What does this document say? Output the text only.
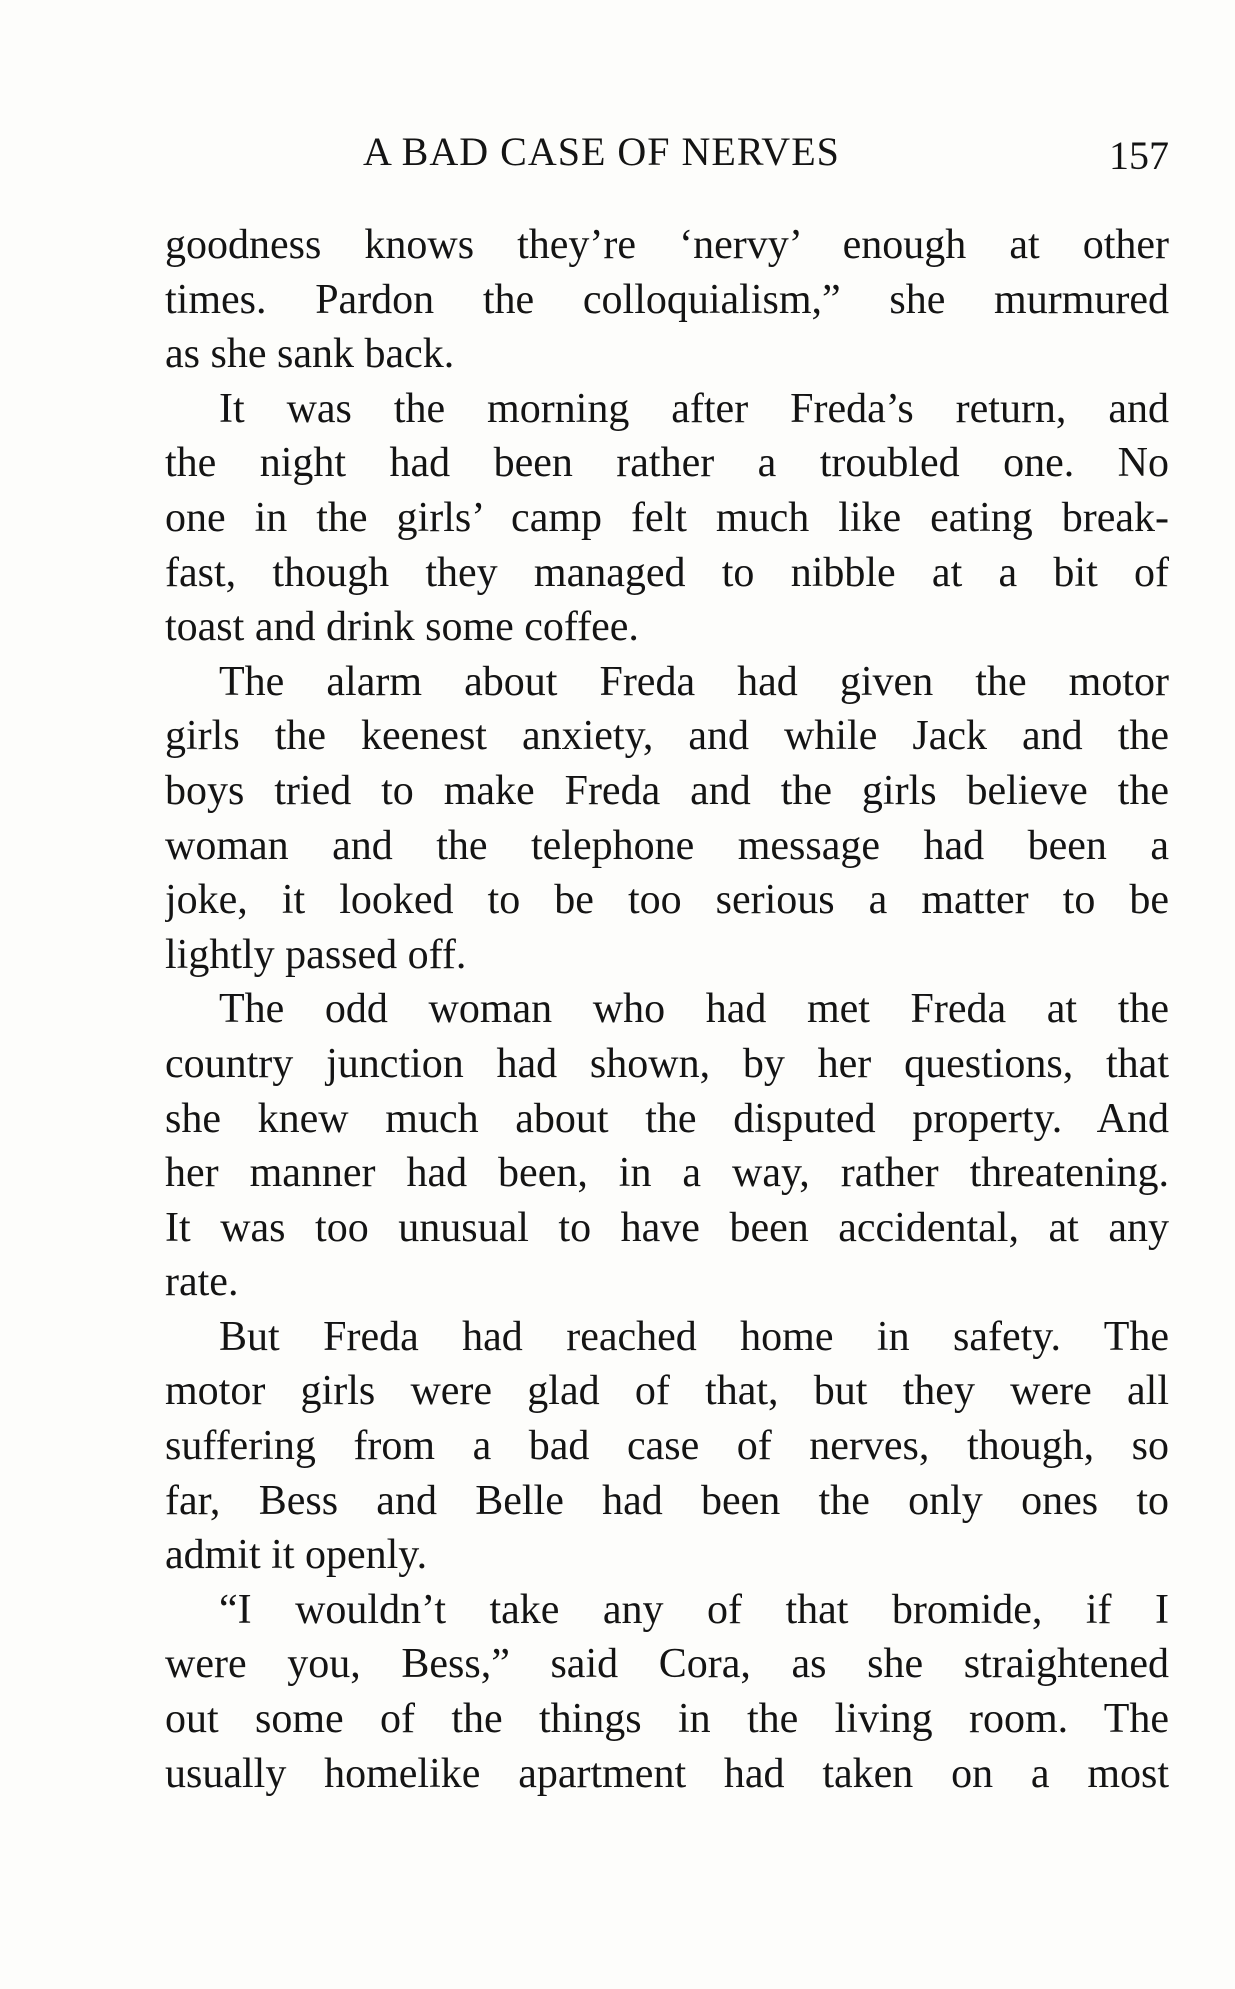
A BAD CASE OF NERVES	157
goodness knows they’re ‘nervy’ enough at other
times. Pardon the colloquialism,” she murmured
as she sank back.
It was the morning after Freda’s return, and
the night had been rather a troubled one. No
one in the girls’ camp felt much like eating break-
fast, though they managed to nibble at a bit of
toast and drink some coffee.
The alarm about Freda had given the motor
girls the keenest anxiety, and while Jack and the
boys tried to make Freda and the girls believe the
woman and the telephone message had been a
joke, it looked to be too serious a matter to be
lightly passed off.
The odd woman who had met Freda at the
country junction had shown, by her questions, that
she knew much about the disputed property. And
her manner had been, in a way, rather threatening.
It was too unusual to have been accidental, at any
rate.
But Freda had reached home in safety. The
motor girls were glad of that, but they were all
suffering from a bad case of nerves, though, so
far, Bess and Belle had been the only ones to
admit it openly.
“I wouldn’t take any of that bromide, if I
were you, Bess,” said Cora, as she straightened
out some of the things in the living room. The
usually homelike apartment had taken on a most
